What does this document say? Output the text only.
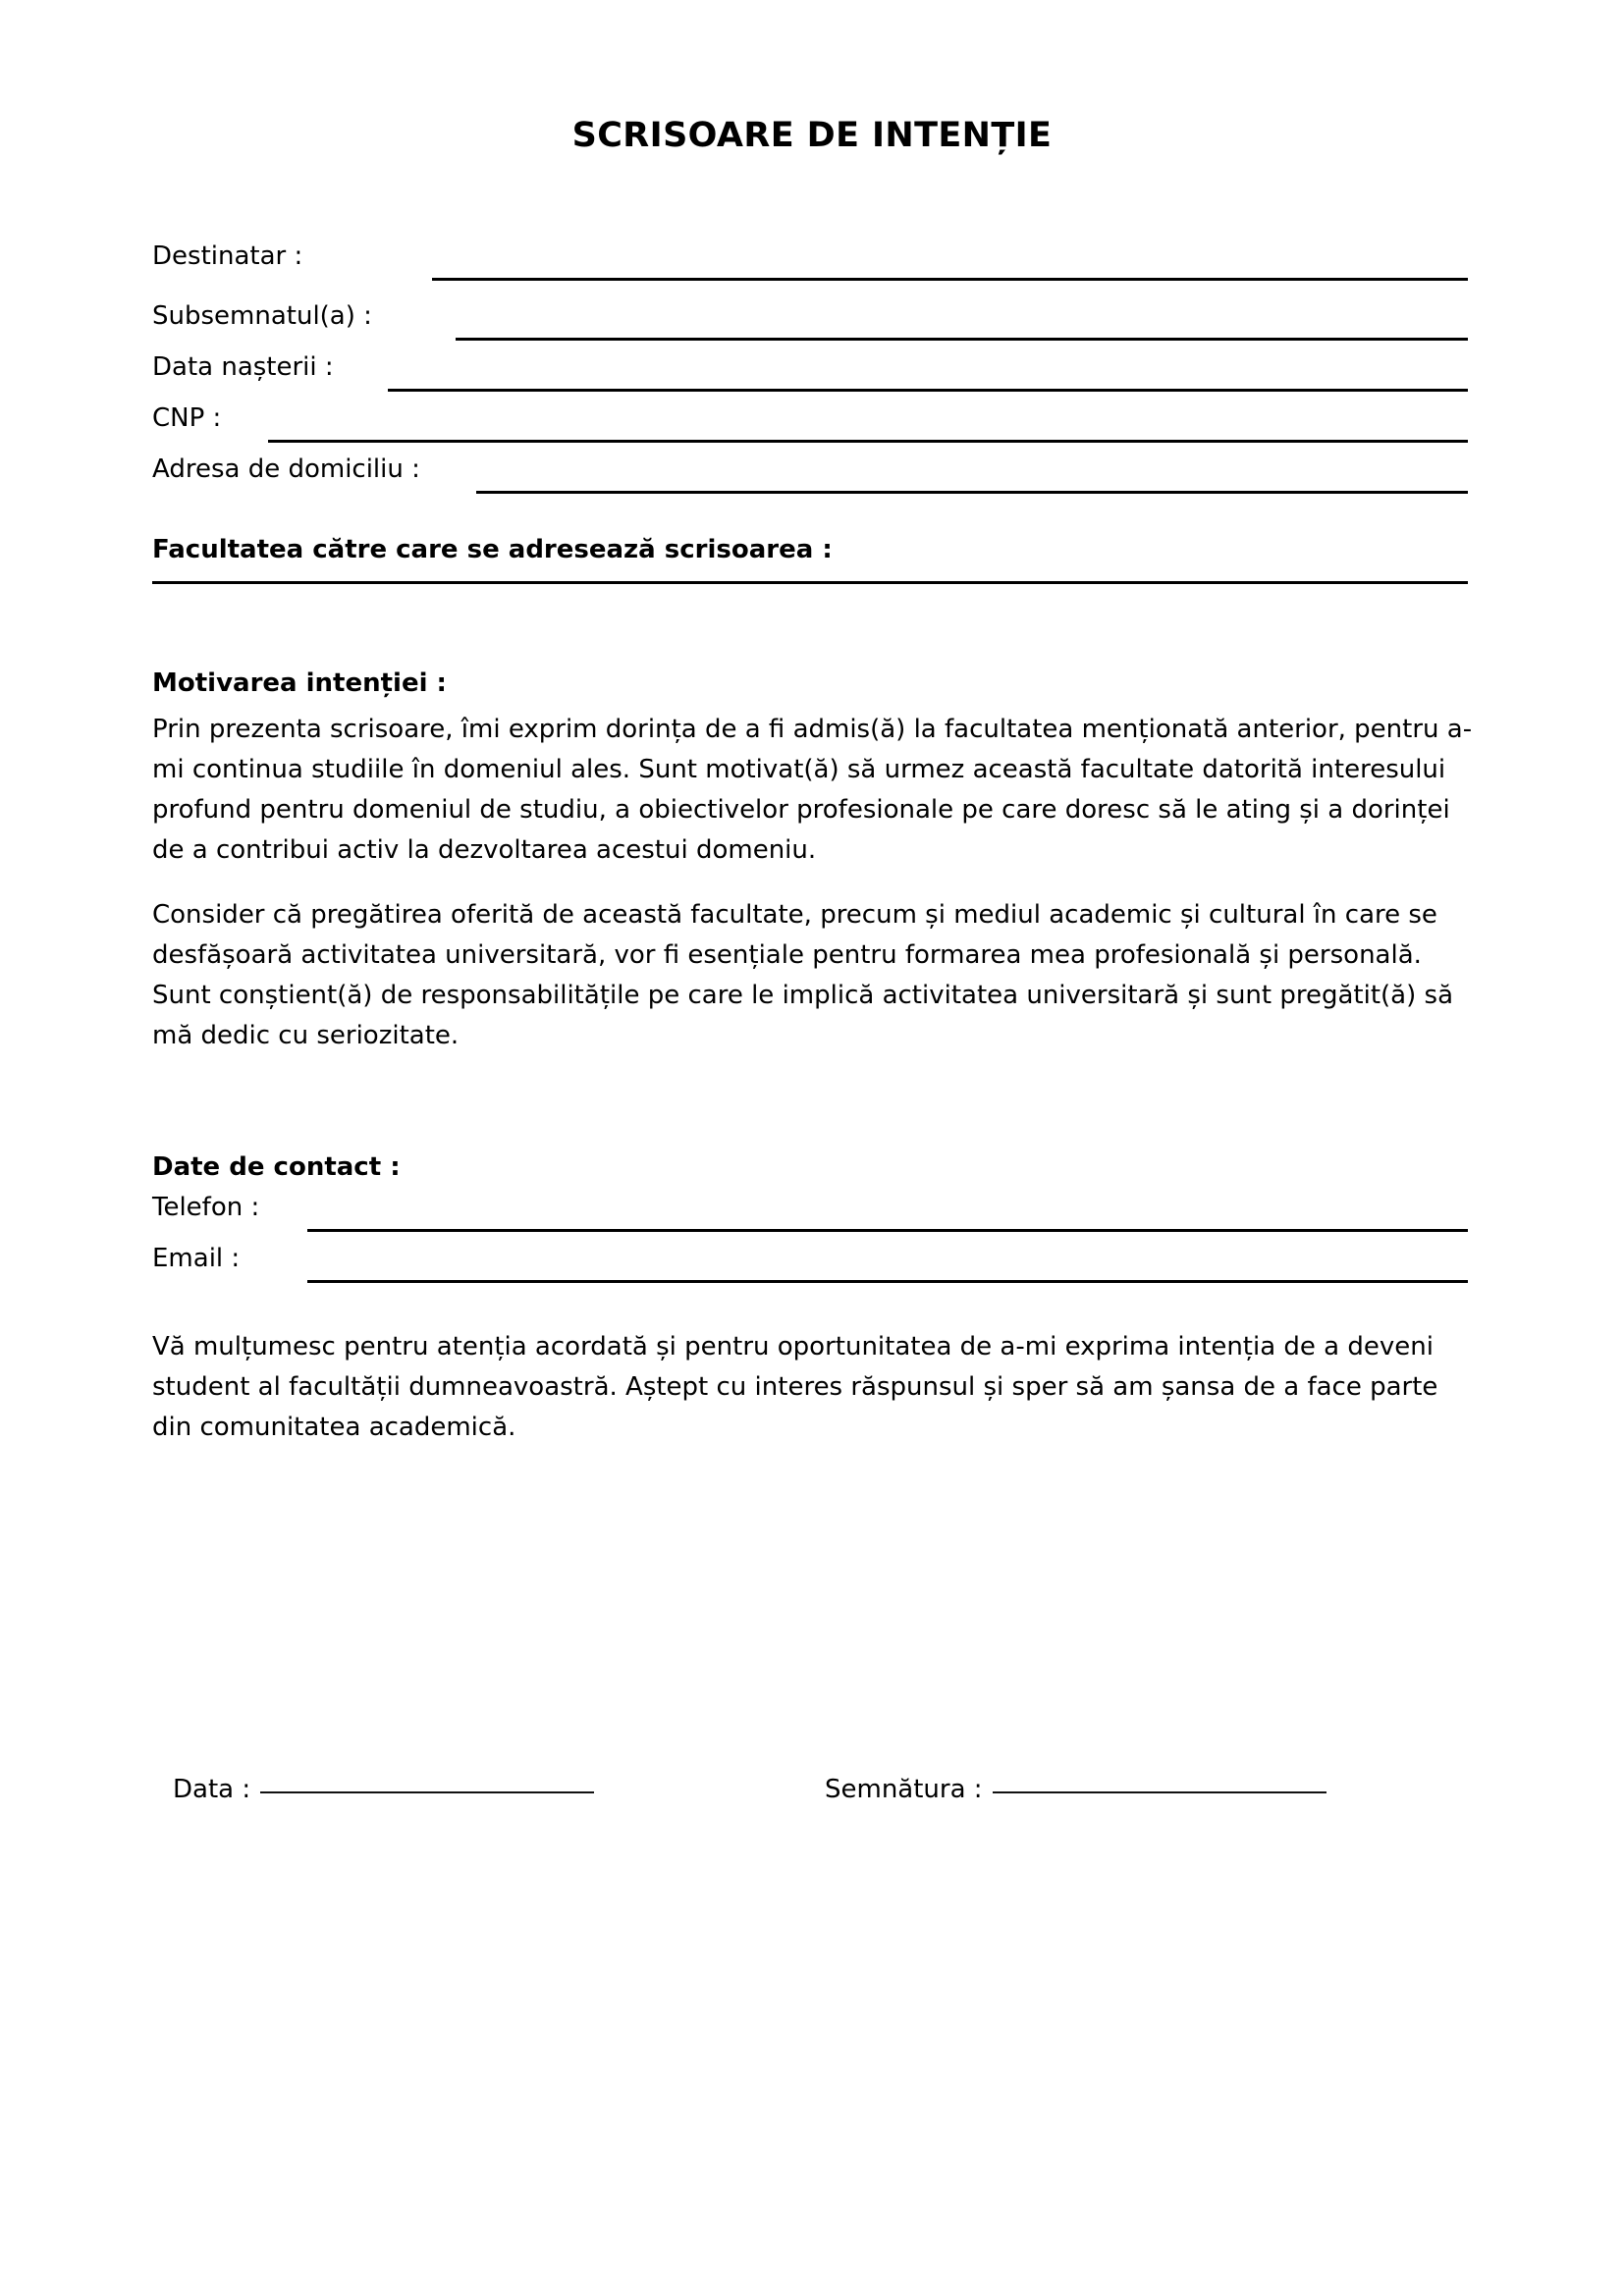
SCRISOARE DE INTENȚIE
Destinatar :
Subsemnatul(a) :
Data nașterii :
CNP :
Adresa de domiciliu :
Facultatea către care se adresează scrisoarea :
Motivarea intenției :
Prin prezenta scrisoare, îmi exprim dorința de a fi admis(ă) la facultatea menționată anterior, pentru a-mi continua studiile în domeniul ales. Sunt motivat(ă) să urmez această facultate datorită interesului profund pentru domeniul de studiu, a obiectivelor profesionale pe care doresc să le ating și a dorinței de a contribui activ la dezvoltarea acestui domeniu.
Consider că pregătirea oferită de această facultate, precum și mediul academic și cultural în care se desfășoară activitatea universitară, vor fi esențiale pentru formarea mea profesională și personală. Sunt conștient(ă) de responsabilitățile pe care le implică activitatea universitară și sunt pregătit(ă) să mă dedic cu seriozitate.
Date de contact :
Telefon :
Email :
Vă mulțumesc pentru atenția acordată și pentru oportunitatea de a-mi exprima intenția de a deveni student al facultății dumneavoastră. Aștept cu interes răspunsul și sper să am șansa de a face parte din comunitatea academică.
Data :	Semnătura :
